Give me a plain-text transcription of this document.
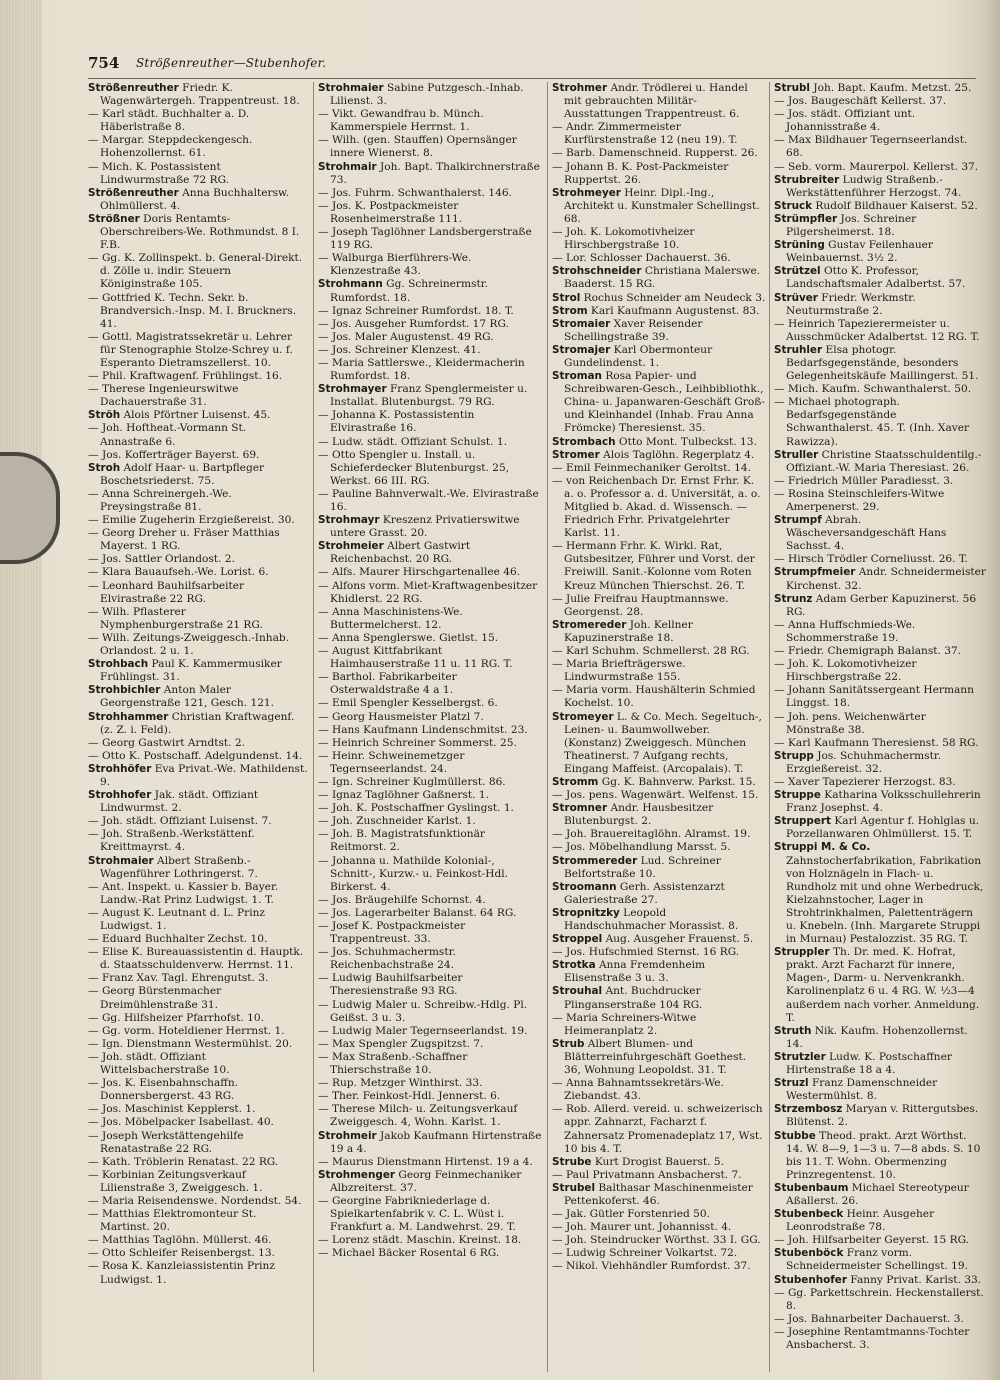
754 Strößenreuther—Stubenhofer.

Strößenreuther Friedr. K. Wagenwärtergeh. Trappentreust. 18.

— Karl städt. Buchhalter a. D. Häberlstraße 8.

— Margar. Steppdeckengesch. Hohenzollernst. 61.

— Mich. K. Postassistent Lindwurmstraße 72 RG.

Strößenreuther Anna Buchhaltersw. Ohlmüllerst. 4.

Strößner Doris Rentamts-Oberschreibers-We. Rothmundst. 8 I. F.B.

— Gg. K. Zollinspekt. b. General-Direkt. d. Zölle u. indir. Steuern Königinstraße 105.

— Gottfried K. Techn. Sekr. b. Brandversich.-Insp. M. I. Bruckners. 41.

— Gottl. Magistratssekretär u. Lehrer für Stenographie Stolze-Schrey u. f. Esperanto Dietramszellerst. 10.

— Phil. Kraftwagenf. Frühlingst. 16.

— Therese Ingenieurswitwe Dachauerstraße 31.

Ströh Alois Pförtner Luisenst. 45.

— Joh. Hoftheat.-Vormann St. Annastraße 6.

— Jos. Kofferträger Bayerst. 69.

Stroh Adolf Haar- u. Bartpfleger Boschetsriederst. 75.

— Anna Schreinergeh.-We. Preysingstraße 81.

— Emilie Zugeherin Erzgießereist. 30.

— Georg Dreher u. Fräser Matthias Mayerst. 1 RG.

— Jos. Sattler Orlandost. 2.

— Klara Bauaufseh.-We. Lorist. 6.

— Leonhard Bauhilfsarbeiter Elvirastraße 22 RG.

— Wilh. Pflasterer Nymphenburgerstraße 21 RG.

— Wilh. Zeitungs-Zweiggesch.-Inhab. Orlandost. 2 u. 1.

Strohbach Paul K. Kammermusiker Frühlingst. 31.

Strohbichler Anton Maler Georgenstraße 121, Gesch. 121.

Strohhammer Christian Kraftwagenf. (z. Z. i. Feld).

— Georg Gastwirt Arndtst. 2.

— Otto K. Postschaff. Adelgundenst. 14.

Strohhöfer Eva Privat.-We. Mathildenst. 9.

Strohhofer Jak. städt. Offiziant Lindwurmst. 2.

— Joh. städt. Offiziant Luisenst. 7.

— Joh. Straßenb.-Werkstättenf. Kreittmayrst. 4.

Strohmaier Albert Straßenb.-Wagenführer Lothringerst. 7.

— Ant. Inspekt. u. Kassier b. Bayer. Landw.-Rat Prinz Ludwigst. 1. T.

— August K. Leutnant d. L. Prinz Ludwigst. 1.

— Eduard Buchhalter Zechst. 10.

— Elise K. Bureauassistentin d. Hauptk. d. Staatsschuldenverw. Herrnst. 11.

— Franz Xav. Tagl. Ehrengutst. 3.

— Georg Bürstenmacher Dreimühlenstraße 31.

— Gg. Hilfsheizer Pfarrhofst. 10.

— Gg. vorm. Hoteldiener Herrnst. 1.

— Ign. Dienstmann Westermühlst. 20.

— Joh. städt. Offiziant Wittelsbacherstraße 10.

— Jos. K. Eisenbahnschaffn. Donnersbergerst. 43 RG.

— Jos. Maschinist Kepplerst. 1.

— Jos. Möbelpacker Isabellast. 40.

— Joseph Werkstättengehilfe Renatastraße 22 RG.

— Kath. Tröblerin Renatast. 22 RG.

— Korbinian Zeitungsverkauf Lilienstraße 3, Zweiggesch. 1.

— Maria Reisendenswe. Nordendst. 54.

— Matthias Elektromonteur St. Martinst. 20.

— Matthias Taglöhn. Müllerst. 46.

— Otto Schleifer Reisenbergst. 13.

— Rosa K. Kanzleiassistentin Prinz Ludwigst. 1.

Strohmaier Sabine Putzgesch.-Inhab. Lilienst. 3.

— Vikt. Gewandfrau b. Münch. Kammerspiele Herrnst. 1.

— Wilh. (gen. Stauffen) Opernsänger innere Wienerst. 8.

Strohmair Joh. Bapt. Thalkirchnerstraße 73.

— Jos. Fuhrm. Schwanthalerst. 146.

— Jos. K. Postpackmeister Rosenheimerstraße 111.

— Joseph Taglöhner Landsbergerstraße 119 RG.

— Walburga Bierführers-We. Klenzestraße 43.

Strohmann Gg. Schreinermstr. Rumfordst. 18.

— Ignaz Schreiner Rumfordst. 18. T.

— Jos. Ausgeher Rumfordst. 17 RG.

— Jos. Maler Augustenst. 49 RG.

— Jos. Schreiner Klenzest. 41.

— Maria Sattlerswe., Kleidermacherin Rumfordst. 18.

Strohmayer Franz Spenglermeister u. Installat. Blutenburgst. 79 RG.

— Johanna K. Postassistentin Elvirastraße 16.

— Ludw. städt. Offiziant Schulst. 1.

— Otto Spengler u. Install. u. Schieferdecker Blutenburgst. 25, Werkst. 66 III. RG.

— Pauline Bahnverwalt.-We. Elvirastraße 16.

Strohmayr Kreszenz Privatierswitwe untere Grasst. 20.

Strohmeier Albert Gastwirt Reichenbachst. 20 RG.

— Alfs. Maurer Hirschgartenallee 46.

— Alfons vorm. Miet-Kraftwagenbesitzer Khidlerst. 22 RG.

— Anna Maschinistens-We. Buttermelcherst. 12.

— Anna Spenglerswe. Gietlst. 15.

— August Kittfabrikant Haimhauserstraße 11 u. 11 RG. T.

— Barthol. Fabrikarbeiter Osterwaldstraße 4 a 1.

— Emil Spengler Kesselbergst. 6.

— Georg Hausmeister Platzl 7.

— Hans Kaufmann Lindenschmitst. 23.

— Heinrich Schreiner Sommerst. 25.

— Heinr. Schweinemetzger Tegernseerlandst. 24.

— Ign. Schreiner Kuglmüllerst. 86.

— Ignaz Taglöhner Gaßnerst. 1.

— Joh. K. Postschaffner Gyslingst. 1.

— Joh. Zuschneider Karlst. 1.

— Joh. B. Magistratsfunktionär Reitmorst. 2.

— Johanna u. Mathilde Kolonial-, Schnitt-, Kurzw.- u. Feinkost-Hdl. Birkerst. 4.

— Jos. Bräugehilfe Schornst. 4.

— Jos. Lagerarbeiter Balanst. 64 RG.

— Josef K. Postpackmeister Trappentreust. 33.

— Jos. Schuhmachermstr. Reichenbachstraße 24.

— Ludwig Bauhilfsarbeiter Theresienstraße 93 RG.

— Ludwig Maler u. Schreibw.-Hdlg. Pl. Geißst. 3 u. 3.

— Ludwig Maler Tegernseerlandst. 19.

— Max Spengler Zugspitzst. 7.

— Max Straßenb.-Schaffner Thierschstraße 10.

— Rup. Metzger Winthirst. 33.

— Ther. Feinkost-Hdl. Jennerst. 6.

— Therese Milch- u. Zeitungsverkauf Zweiggesch. 4, Wohn. Karlst. 1.

Strohmeir Jakob Kaufmann Hirtenstraße 19 a 4.

— Maurus Dienstmann Hirtenst. 19 a 4.

Strohmenger Georg Feinmechaniker Albzreiterst. 37.

— Georgine Fabrikniederlage d. Spielkartenfabrik v. C. L. Wüst i. Frankfurt a. M. Landwehrst. 29. T.

— Lorenz städt. Maschin. Kreinst. 18.

— Michael Bäcker Rosental 6 RG.

Strohmer Andr. Trödlerei u. Handel mit gebrauchten Militär-Ausstattungen Trappentreust. 6.

— Andr. Zimmermeister Kurfürstenstraße 12 (neu 19). T.

— Barb. Damenschneid. Rupperst. 26.

— Johann B. K. Post-Packmeister Ruppertst. 26.

Strohmeyer Heinr. Dipl.-Ing., Architekt u. Kunstmaler Schellingst. 68.

— Joh. K. Lokomotivheizer Hirschbergstraße 10.

— Lor. Schlosser Dachauerst. 36.

Strohschneider Christiana Malerswe. Baaderst. 15 RG.

Strol Rochus Schneider am Neudeck 3.

Strom Karl Kaufmann Augustenst. 83.

Stromaier Xaver Reisender Schellingstraße 39.

Stromajer Karl Obermonteur Gundelindenst. 1.

Stroman Rosa Papier- und Schreibwaren-Gesch., Leihbibliothk., China- u. Japanwaren-Geschäft Groß- und Kleinhandel (Inhab. Frau Anna Frömcke) Theresienst. 35.

Strombach Otto Mont. Tulbeckst. 13.

Stromer Alois Taglöhn. Regerplatz 4.

— Emil Feinmechaniker Geroltst. 14.

— von Reichenbach Dr. Ernst Frhr. K. a. o. Professor a. d. Universität, a. o. Mitglied b. Akad. d. Wissensch. — Friedrich Frhr. Privatgelehrter Karlst. 11.

— Hermann Frhr. K. Wirkl. Rat, Gutsbesitzer, Führer und Vorst. der Freiwill. Sanit.-Kolonne vom Roten Kreuz München Thierschst. 26. T.

— Julie Freifrau Hauptmannswe. Georgenst. 28.

Stromereder Joh. Kellner Kapuzinerstraße 18.

— Karl Schuhm. Schmellerst. 28 RG.

— Maria Briefträgerswe. Lindwurmstraße 155.

— Maria vorm. Haushälterin Schmied Kochelst. 10.

Stromeyer L. & Co. Mech. Segeltuch-, Leinen- u. Baumwollweber. (Konstanz) Zweiggesch. München Theatinerst. 7 Aufgang rechts, Eingang Maffeist. (Arcopalais). T.

Stromm Gg. K. Bahnverw. Parkst. 15.

— Jos. pens. Wagenwärt. Welfenst. 15.

Stromner Andr. Hausbesitzer Blutenburgst. 2.

— Joh. Brauereitaglöhn. Alramst. 19.

— Jos. Möbelhandlung Marsst. 5.

Strommereder Lud. Schreiner Belfortstraße 10.

Stroomann Gerh. Assistenzarzt Galeriestraße 27.

Stropnitzky Leopold Handschuhmacher Morassist. 8.

Stroppel Aug. Ausgeher Frauenst. 5.

— Jos. Hufschmied Sternst. 16 RG.

Strotka Anna Fremdenheim Elisenstraße 3 u. 3.

Strouhal Ant. Buchdrucker Plinganserstraße 104 RG.

— Maria Schreiners-Witwe Heimeranplatz 2.

Strub Albert Blumen- und Blätterreinfuhrgeschäft Goethest. 36, Wohnung Leopoldst. 31. T.

— Anna Bahnamtssekretärs-We. Ziebandst. 43.

— Rob. Allerd. vereid. u. schweizerisch appr. Zahnarzt, Facharzt f. Zahnersatz Promenadeplatz 17, Wst. 10 bis 4. T.

Strube Kurt Drogist Bauerst. 5.

— Paul Privatmann Ansbacherst. 7.

Strubel Balthasar Maschinenmeister Pettenkoferst. 46.

— Jak. Gütler Forstenried 50.

— Joh. Maurer unt. Johannisst. 4.

— Joh. Steindrucker Wörthst. 33 I. GG.

— Ludwig Schreiner Volkartst. 72.

— Nikol. Viehhändler Rumfordst. 37.

Strubl Joh. Bapt. Kaufm. Metzst. 25.

— Jos. Baugeschäft Kellerst. 37.

— Jos. städt. Offiziant unt. Johannisstraße 4.

— Max Bildhauer Tegernseerlandst. 68.

— Seb. vorm. Maurerpol. Kellerst. 37.

Strubreiter Ludwig Straßenb.-Werkstättenführer Herzogst. 74.

Struck Rudolf Bildhauer Kaiserst. 52.

Strümpfler Jos. Schreiner Pilgersheimerst. 18.

Strüning Gustav Feilenhauer Weinbauernst. 3½ 2.

Strützel Otto K. Professor, Landschaftsmaler Adalbertst. 57.

Strüver Friedr. Werkmstr. Neuturmstraße 2.

— Heinrich Tapezierermeister u. Ausschmücker Adalbertst. 12 RG. T.

Struhler Elsa photogr. Bedarfsgegenstände, besonders Gelegenheitskäufe Maillingerst. 51.

— Mich. Kaufm. Schwanthalerst. 50.

— Michael photograph. Bedarfsgegenstände Schwanthalerst. 45. T. (Inh. Xaver Rawizza).

Struller Christine Staatsschuldentilg.-Offiziant.-W. Maria Theresiast. 26.

— Friedrich Müller Paradiesst. 3.

— Rosina Steinschleifers-Witwe Amerpenerst. 29.

Strumpf Abrah. Wäscheversandgeschäft Hans Sachsst. 4.

— Hirsch Trödler Corneliusst. 26. T.

Strumpfmeier Andr. Schneidermeister Kirchenst. 32.

Strunz Adam Gerber Kapuzinerst. 56 RG.

— Anna Huffschmieds-We. Schommerstraße 19.

— Friedr. Chemigraph Balanst. 37.

— Joh. K. Lokomotivheizer Hirschbergstraße 22.

— Johann Sanitätssergeant Hermann Linggst. 18.

— Joh. pens. Weichenwärter Mönstraße 38.

— Karl Kaufmann Theresienst. 58 RG.

Strupp Jos. Schuhmachermstr. Erzgießereist. 32.

— Xaver Tapezierer Herzogst. 83.

Struppe Katharina Volksschullehrerin Franz Josephst. 4.

Struppert Karl Agentur f. Hohlglas u. Porzellanwaren Ohlmüllerst. 15. T.

Struppi M. & Co. Zahnstocherfabrikation, Fabrikation von Holznägeln in Flach- u. Rundholz mit und ohne Werbedruck, Kielzahnstocher, Lager in Strohtrinkhalmen, Palettenträgern u. Knebeln. (Inh. Margarete Struppi in Murnau) Pestalozzist. 35 RG. T.

Struppler Th. Dr. med. K. Hofrat, prakt. Arzt Facharzt für innere, Magen-, Darm- u. Nervenkrankh. Karolinenplatz 6 u. 4 RG. W. ½3—4 außerdem nach vorher. Anmeldung. T.

Struth Nik. Kaufm. Hohenzollernst. 14.

Strutzler Ludw. K. Postschaffner Hirtenstraße 18 a 4.

Struzl Franz Damenschneider Westermühlst. 8.

Strzembosz Maryan v. Rittergutsbes. Blütenst. 2.

Stubbe Theod. prakt. Arzt Wörthst. 14. W. 8—9, 1—3 u. 7—8 abds. S. 10 bis 11. T. Wohn. Obermenzing Prinzregentenst. 10.

Stubenbaum Michael Stereotypeur Aßallerst. 26.

Stubenbeck Heinr. Ausgeher Leonrodstraße 78.

— Joh. Hilfsarbeiter Geyerst. 15 RG.

Stubenböck Franz vorm. Schneidermeister Schellingst. 19.

Stubenhofer Fanny Privat. Karlst. 33.

— Gg. Parkettschrein. Heckenstallerst. 8.

— Jos. Bahnarbeiter Dachauerst. 3.

— Josephine Rentamtmanns-Tochter Ansbacherst. 3.
